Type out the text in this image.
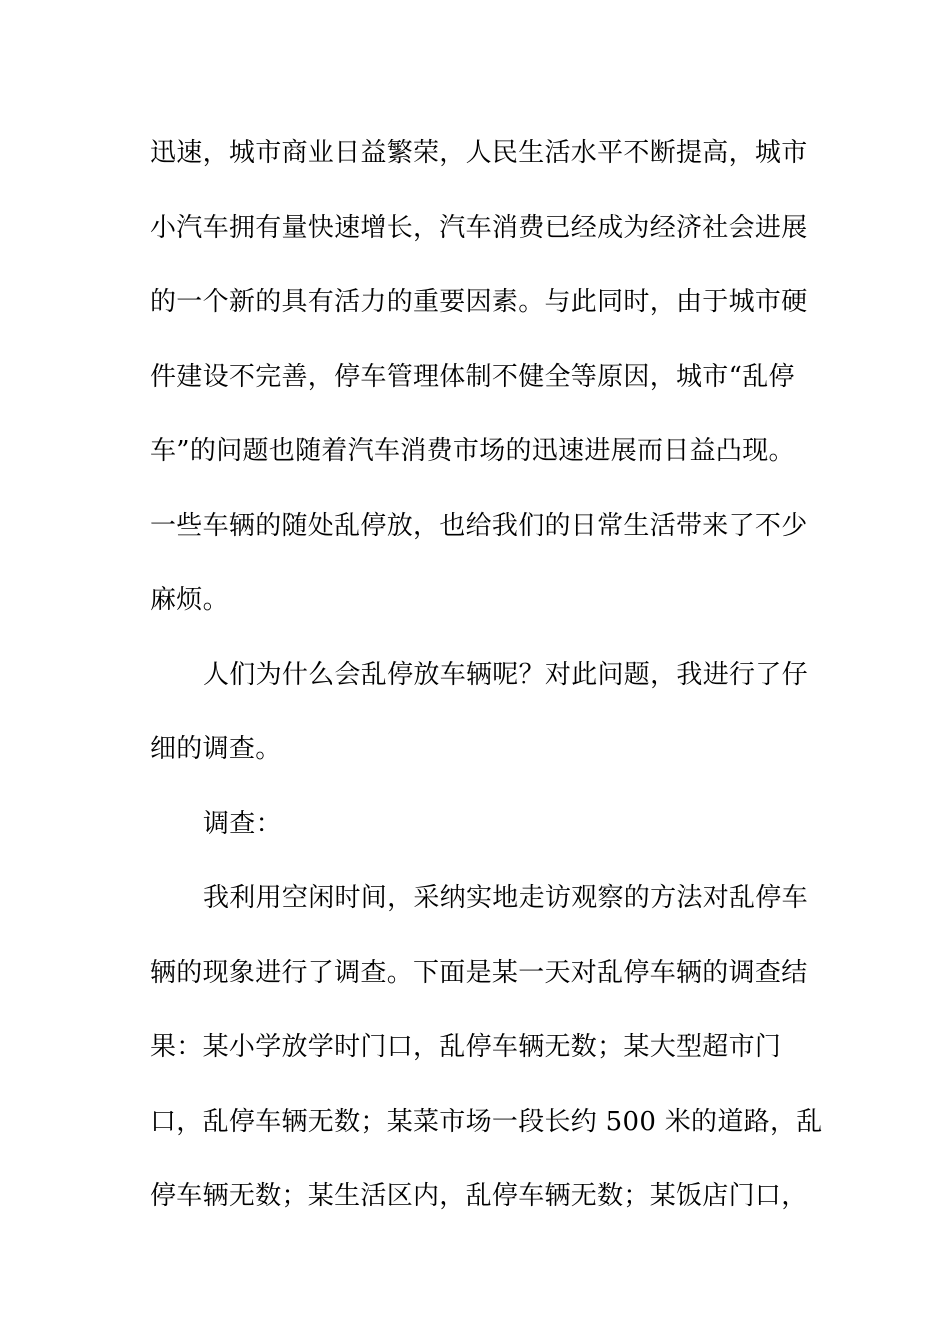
迅速，城市商业日益繁荣，人民生活水平不断提高，城市
小汽车拥有量快速增长，汽车消费已经成为经济社会进展
的一个新的具有活力的重要因素。与此同时，由于城市硬
件建设不完善，停车管理体制不健全等原因，城市“乱停
车”的问题也随着汽车消费市场的迅速进展而日益凸现。
一些车辆的随处乱停放，也给我们的日常生活带来了不少
麻烦。
人们为什么会乱停放车辆呢？对此问题，我进行了仔
细的调查。
调查：
我利用空闲时间，采纳实地走访观察的方法对乱停车
辆的现象进行了调查。下面是某一天对乱停车辆的调查结
果：某小学放学时门口，乱停车辆无数；某大型超市门
口，乱停车辆无数；某菜市场一段长约 500 米的道路，乱
停车辆无数；某生活区内，乱停车辆无数；某饭店门口，
